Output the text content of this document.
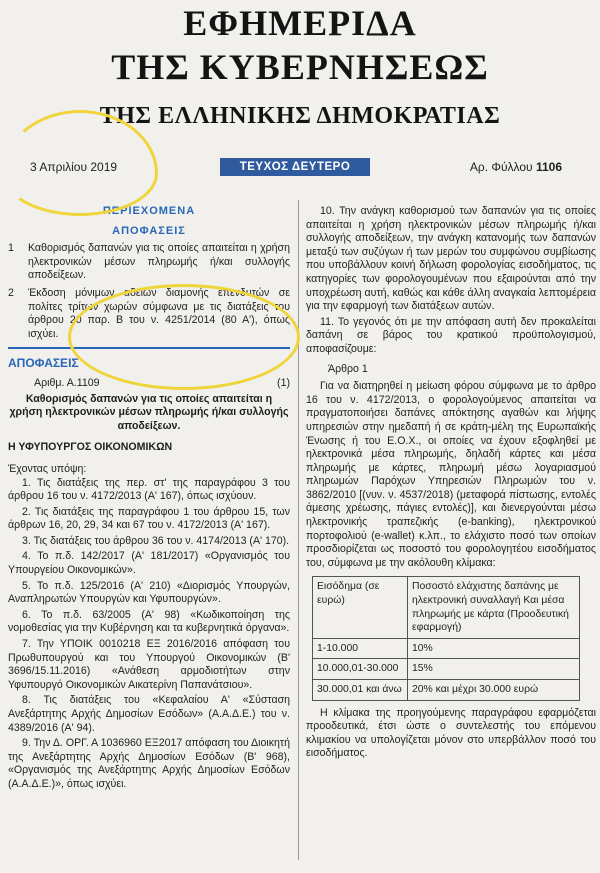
ΕΦΗΜΕΡΙΔΑ
ΤΗΣ ΚΥΒΕΡΝΗΣΕΩΣ
ΤΗΣ ΕΛΛΗΝΙΚΗΣ ΔΗΜΟΚΡΑΤΙΑΣ
3 Απριλίου 2019	ΤΕΥΧΟΣ ΔΕΥΤΕΡΟ	Αρ. Φύλλου 1106
ΠΕΡΙΕΧΟΜΕΝΑ
ΑΠΟΦΑΣΕΙΣ
1	Καθορισμός δαπανών για τις οποίες απαιτείται η χρήση ηλεκτρονικών μέσων πληρωμής ή/και συλλογής αποδείξεων.
2	Έκδοση μόνιμων αδειών διαμονής επενδυτών σε πολίτες τρίτων χωρών σύμφωνα με τις διατάξεις του άρθρου 20 παρ. Β του ν. 4251/2014 (80 Α'), όπως ισχύει.
ΑΠΟΦΑΣΕΙΣ
Αριθμ. Α.1109	(1)
Καθορισμός δαπανών για τις οποίες απαιτείται η χρήση ηλεκτρονικών μέσων πληρωμής ή/και συλλογής αποδείξεων.
Η ΥΦΥΠΟΥΡΓΟΣ ΟΙΚΟΝΟΜΙΚΩΝ
Έχοντας υπόψη:

1. Τις διατάξεις της περ. στ' της παραγράφου 3 του άρθρου 16 του ν. 4172/2013 (Α' 167), όπως ισχύουν.

2. Τις διατάξεις της παραγράφου 1 του άρθρου 15, των άρθρων 16, 20, 29, 34 και 67 του ν. 4172/2013 (Α' 167).

3. Τις διατάξεις του άρθρου 36 του ν. 4174/2013 (Α' 170).

4. Το π.δ. 142/2017 (Α' 181/2017) «Οργανισμός του Υπουργείου Οικονομικών».

5. Το π.δ. 125/2016 (Α' 210) «Διορισμός Υπουργών, Αναπληρωτών Υπουργών και Υφυπουργών».

6. Το π.δ. 63/2005 (Α' 98) «Κωδικοποίηση της νομοθεσίας για την Κυβέρνηση και τα κυβερνητικά όργανα».

7. Την ΥΠΟΙΚ 0010218 ΕΞ 2016/2016 απόφαση του Πρωθυπουργού και του Υπουργού Οικονομικών (Β' 3696/15.11.2016) «Ανάθεση αρμοδιοτήτων στην Υφυπουργό Οικονομικών Αικατερίνη Παπανάτσιου».

8. Τις διατάξεις του «Κεφαλαίου Α' «Σύσταση Ανεξάρτητης Αρχής Δημοσίων Εσόδων» (Α.Α.Δ.Ε.) του ν. 4389/2016 (Α' 94).

9. Την Δ. ΟΡΓ. Α 1036960 ΕΞ2017 απόφαση του Διοικητή της Ανεξάρτητης Αρχής Δημοσίων Εσόδων (Β' 968), «Οργανισμός της Ανεξάρτητης Αρχής Δημοσίων Εσόδων (Α.Α.Δ.Ε.)», όπως ισχύει.

10. Την ανάγκη καθορισμού των δαπανών για τις οποίες απαιτείται η χρήση ηλεκτρονικών μέσων πληρωμής ή/και συλλογής αποδείξεων, την ανάγκη κατανομής των δαπανών μεταξύ των συζύγων ή των μερών του συμφώνου συμβίωσης που υποβάλλουν κοινή δήλωση φορολογίας εισοδήματος, τις κατηγορίες των φορολογουμένων που εξαιρούνται από την υποχρέωση αυτή, καθώς και κάθε άλλη αναγκαία λεπτομέρεια για την εφαρμογή των διατάξεων αυτών.

11. Το γεγονός ότι με την απόφαση αυτή δεν προκαλείται δαπάνη σε βάρος του κρατικού προϋπολογισμού, αποφασίζουμε:

Άρθρο 1

Για να διατηρηθεί η μείωση φόρου σύμφωνα με το άρθρο 16 του ν. 4172/2013, ο φορολογούμενος απαιτείται να πραγματοποιήσει δαπάνες απόκτησης αγαθών και λήψης υπηρεσιών στην ημεδαπή ή σε κράτη-μέλη της Ευρωπαϊκής Ένωσης ή του Ε.Ο.Χ., οι οποίες να έχουν εξοφληθεί με ηλεκτρονικά μέσα πληρωμής, δηλαδή κάρτες και μέσα πληρωμής με κάρτες, πληρωμή μέσω λογαριασμού πληρωμών Παρόχων Υπηρεσιών Πληρωμών του ν. 3862/2010 [(νυν. ν. 4537/2018) (μεταφορά πίστωσης, εντολές άμεσης χρέωσης, πάγιες εντολές)], και διενεργούνται μέσω ηλεκτρονικής τραπεζικής (e-banking), ηλεκτρονικού πορτοφολιού (e-wallet) κ.λπ., το ελάχιστο ποσό των οποίων προσδιορίζεται ως ποσοστό του φορολογητέου εισοδήματος του, σύμφωνα με την ακόλουθη κλίμακα:

Εισόδημα (σε ευρώ)	Ποσοστό ελάχιστης δαπάνης με ηλεκτρονική συναλλαγή Και μέσα πληρωμής με κάρτα (Προοδευτική εφαρμογή)
1-10.000	10%
10.000,01-30.000	15%
30.000,01 και άνω	20% και μέχρι 30.000 ευρώ

Η κλίμακα της προηγούμενης παραγράφου εφαρμόζεται προοδευτικά, έτσι ώστε ο συντελεστής του επόμενου κλιμακίου να υπολογίζεται μόνον στο υπερβάλλον ποσό του εισοδήματος.
